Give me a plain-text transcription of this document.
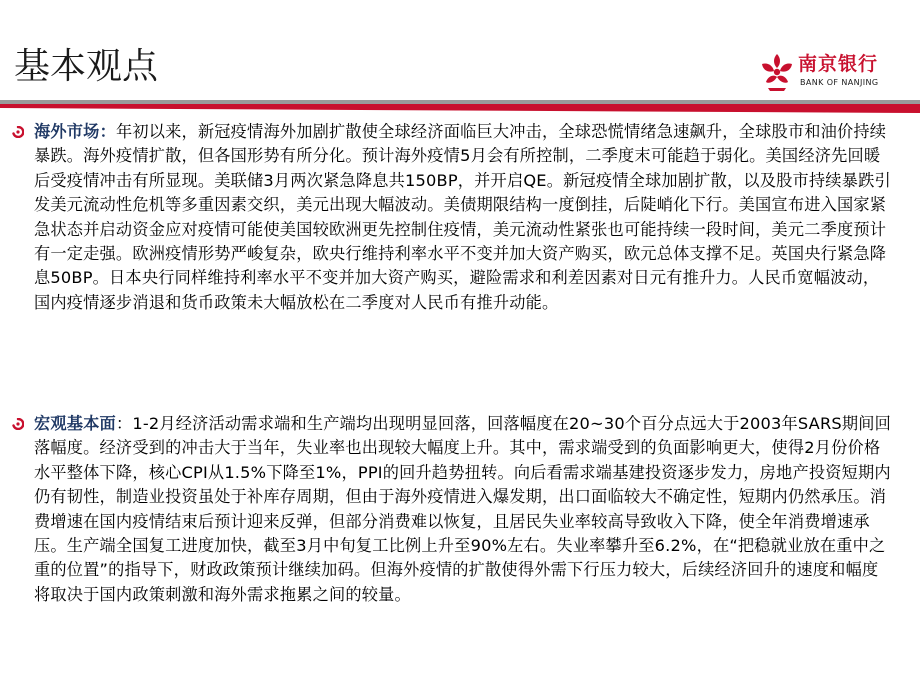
基本观点	南京银行
BANK OF NANJING
海外市场：年初以来，新冠疫情海外加剧扩散使全球经济面临巨大冲击，全球恐慌情绪急速飙升，全球股市和油价持续暴跌。海外疫情扩散，但各国形势有所分化。预计海外疫情5月会有所控制，二季度末可能趋于弱化。美国经济先回暖后受疫情冲击有所显现。美联储3月两次紧急降息共150BP，并开启QE。新冠疫情全球加剧扩散，以及股市持续暴跌引发美元流动性危机等多重因素交织，美元出现大幅波动。美债期限结构一度倒挂，后陡峭化下行。美国宣布进入国家紧急状态并启动资金应对疫情可能使美国较欧洲更先控制住疫情，美元流动性紧张也可能持续一段时间，美元二季度预计有一定走强。欧洲疫情形势严峻复杂，欧央行维持利率水平不变并加大资产购买，欧元总体支撑不足。英国央行紧急降息50BP。日本央行同样维持利率水平不变并加大资产购买，避险需求和利差因素对日元有推升力。人民币宽幅波动，国内疫情逐步消退和货币政策未大幅放松在二季度对人民币有推升动能。
宏观基本面：1-2月经济活动需求端和生产端均出现明显回落，回落幅度在20~30个百分点远大于2003年SARS期间回落幅度。经济受到的冲击大于当年，失业率也出现较大幅度上升。其中，需求端受到的负面影响更大，使得2月份价格水平整体下降，核心CPI从1.5%下降至1%，PPI的回升趋势扭转。向后看需求端基建投资逐步发力，房地产投资短期内仍有韧性，制造业投资虽处于补库存周期，但由于海外疫情进入爆发期，出口面临较大不确定性，短期内仍然承压。消费增速在国内疫情结束后预计迎来反弹，但部分消费难以恢复，且居民失业率较高导致收入下降，使全年消费增速承压。生产端全国复工进度加快，截至3月中旬复工比例上升至90%左右。失业率攀升至6.2%，在“把稳就业放在重中之重的位置”的指导下，财政政策预计继续加码。但海外疫情的扩散使得外需下行压力较大，后续经济回升的速度和幅度将取决于国内政策刺激和海外需求拖累之间的较量。
